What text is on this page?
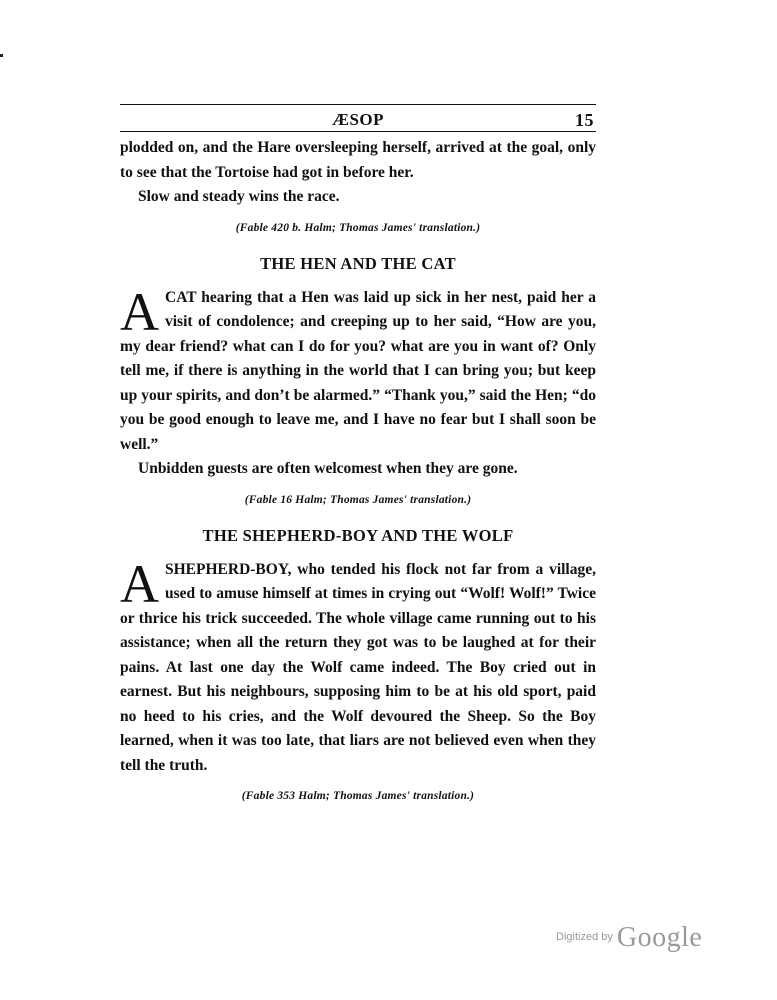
ÆSOP	15

plodded on, and the Hare oversleeping herself, arrived at the goal, only to see that the Tortoise had got in before her.

Slow and steady wins the race.

(Fable 420 b. Halm; Thomas James' translation.)
THE HEN AND THE CAT

ACAT hearing that a Hen was laid up sick in her nest, paid her a visit of condolence; and creeping up to her said, “How are you, my dear friend? what can I do for you? what are you in want of? Only tell me, if there is anything in the world that I can bring you; but keep up your spirits, and don’t be alarmed.” “Thank you,” said the Hen; “do you be good enough to leave me, and I have no fear but I shall soon be well.”

Unbidden guests are often welcomest when they are gone.

(Fable 16 Halm; Thomas James' translation.)
THE SHEPHERD-BOY AND THE WOLF

ASHEPHERD-BOY, who tended his flock not far from a village, used to amuse himself at times in crying out “Wolf! Wolf!” Twice or thrice his trick succeeded. The whole village came running out to his assistance; when all the return they got was to be laughed at for their pains. At last one day the Wolf came indeed. The Boy cried out in earnest. But his neighbours, supposing him to be at his old sport, paid no heed to his cries, and the Wolf devoured the Sheep. So the Boy learned, when it was too late, that liars are not believed even when they tell the truth.

(Fable 353 Halm; Thomas James' translation.)
$^{Digitized by}$ Google
